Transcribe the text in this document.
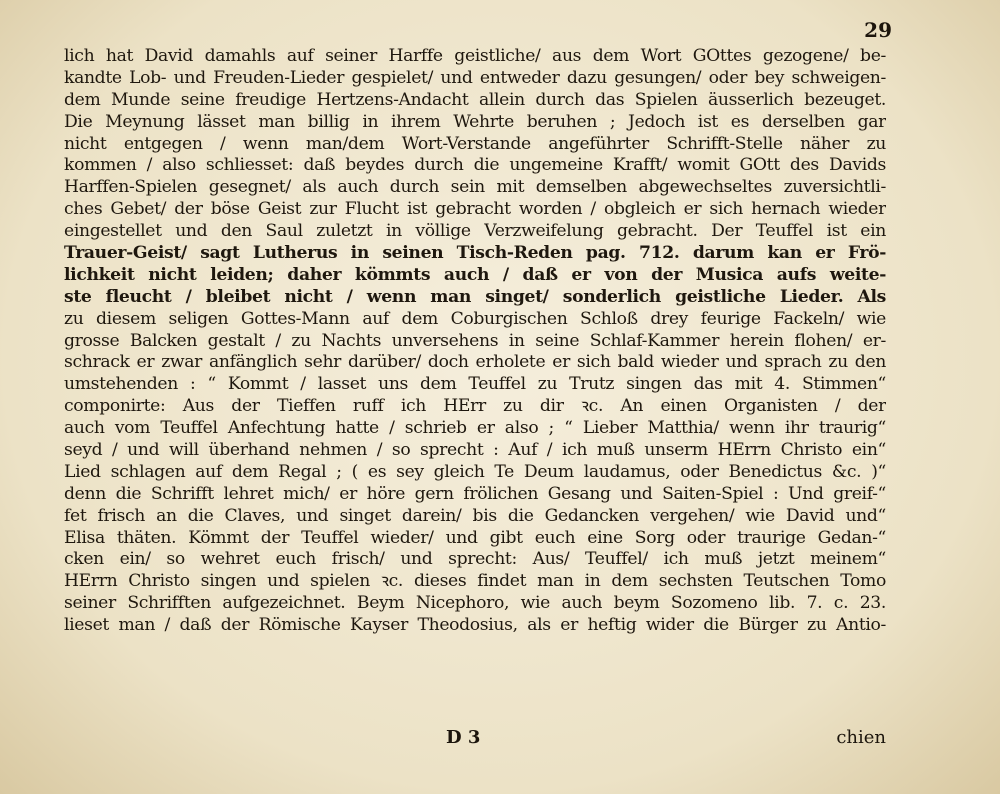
29
lich hat David damahls auf seiner Harffe geistliche/ aus dem Wort GOttes gezogene/ be-
kandte Lob- und Freuden-Lieder gespielet/ und entweder dazu gesungen/ oder bey schweigen-
dem Munde seine freudige Hertzens-Andacht allein durch das Spielen äusserlich bezeuget.
Die Meynung lässet man billig in ihrem Wehrte beruhen ; Jedoch ist es derselben gar
nicht entgegen / wenn man/dem Wort-Verstande angeführter Schrifft-Stelle näher zu
kommen / also schliesset: daß beydes durch die ungemeine Krafft/ womit GOtt des Davids
Harffen-Spielen gesegnet/ als auch durch sein mit demselben abgewechseltes zuversichtli-
ches Gebet/ der böse Geist zur Flucht ist gebracht worden / obgleich er sich hernach wieder
eingestellet und den Saul zuletzt in völlige Verzweifelung gebracht. Der Teuffel ist ein
Trauer-Geist/ sagt Lutherus in seinen Tisch-Reden pag. 712. darum kan er Frö-
lichkeit nicht leiden; daher kömmts auch / daß er von der Musica aufs weite-
ste fleucht / bleibet nicht / wenn man singet/ sonderlich geistliche Lieder. Als
zu diesem seligen Gottes-Mann auf dem Coburgischen Schloß drey feurige Fackeln/ wie
grosse Balcken gestalt / zu Nachts unversehens in seine Schlaf-Kammer herein flohen/ er-
schrack er zwar anfänglich sehr darüber/ doch erholete er sich bald wieder und sprach zu den
umstehenden : “ Kommt / lasset uns dem Teuffel zu Trutz singen das mit 4. Stimmen“
componirte: Aus der Tieffen ruff ich HErr zu dir ꝛc. An einen Organisten / der
auch vom Teuffel Anfechtung hatte / schrieb er also ; “ Lieber Matthia/ wenn ihr traurig“
seyd / und will überhand nehmen / so sprecht : Auf / ich muß unserm HErrn Christo ein“
Lied schlagen auf dem Regal ; ( es sey gleich Te Deum laudamus, oder Benedictus &c. )“
denn die Schrifft lehret mich/ er höre gern frölichen Gesang und Saiten-Spiel : Und greif-“
fet frisch an die Claves, und singet darein/ bis die Gedancken vergehen/ wie David und“
Elisa thäten. Kömmt der Teuffel wieder/ und gibt euch eine Sorg oder traurige Gedan-“
cken ein/ so wehret euch frisch/ und sprecht: Aus/ Teuffel/ ich muß jetzt meinem“
HErrn Christo singen und spielen ꝛc. dieses findet man in dem sechsten Teutschen Tomo
seiner Schrifften aufgezeichnet. Beym Nicephoro, wie auch beym Sozomeno lib. 7. c. 23.
lieset man / daß der Römische Kayser Theodosius, als er heftig wider die Bürger zu Antio-
D 3	chien
